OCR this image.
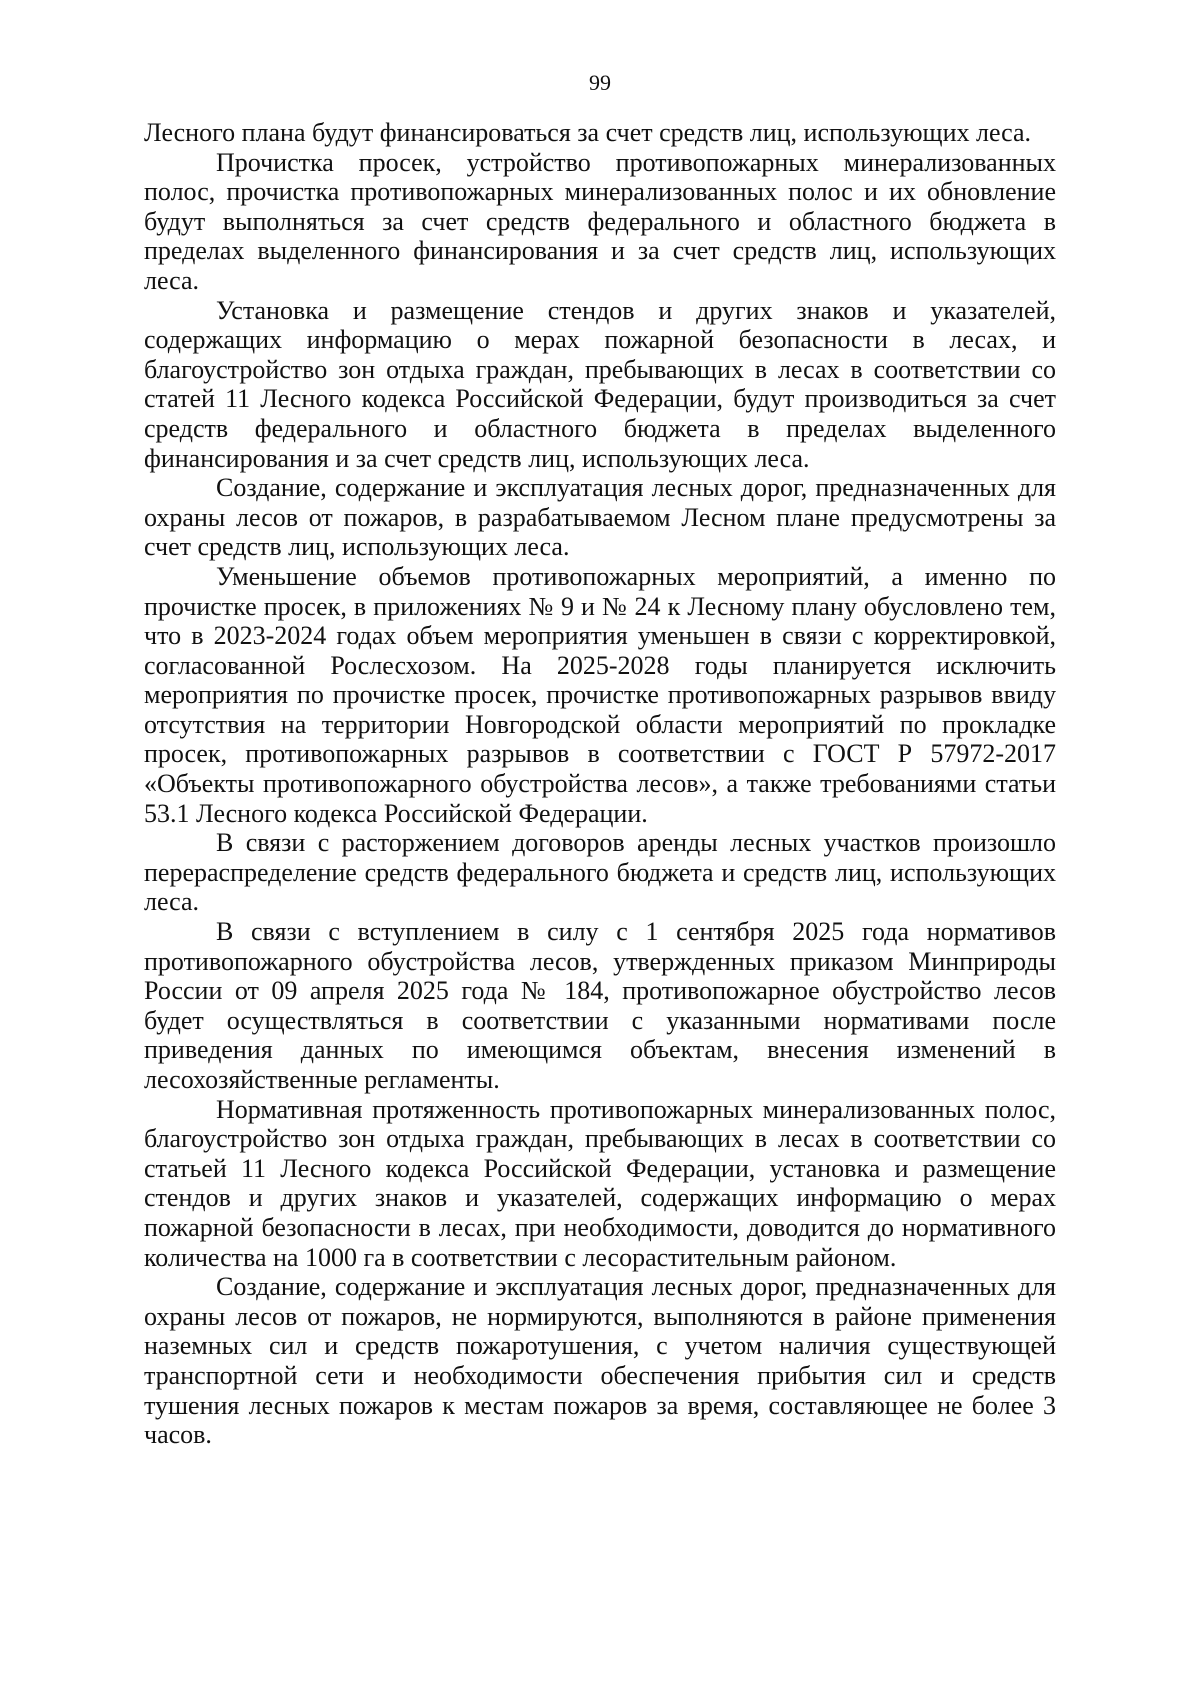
99

Лесного плана будут финансироваться за счет средств лиц, использующих леса.

Прочистка просек, устройство противопожарных минерализованных полос, прочистка противопожарных минерализованных полос и их обновление будут выполняться за счет средств федерального и областного бюджета в пределах выделенного финансирования и за счет средств лиц, использующих леса.

Установка и размещение стендов и других знаков и указателей, содержащих информацию о мерах пожарной безопасности в лесах, и благоустройство зон отдыха граждан, пребывающих в лесах в соответствии со статей 11 Лесного кодекса Российской Федерации, будут производиться за счет средств федерального и областного бюджета в пределах выделенного финансирования и за счет средств лиц, использующих леса.

Создание, содержание и эксплуатация лесных дорог, предназначенных для охраны лесов от пожаров, в разрабатываемом Лесном плане предусмотрены за счет средств лиц, использующих леса.

Уменьшение объемов противопожарных мероприятий, а именно по прочистке просек, в приложениях № 9 и № 24 к Лесному плану обусловлено тем, что в 2023-2024 годах объем мероприятия уменьшен в связи с корректировкой, согласованной Рослесхозом. На 2025-2028 годы планируется исключить мероприятия по прочистке просек, прочистке противопожарных разрывов ввиду отсутствия на территории Новгородской области мероприятий по прокладке просек, противопожарных разрывов в соответствии с ГОСТ Р 57972-2017 «Объекты противопожарного обустройства лесов», а также требованиями статьи 53.1 Лесного кодекса Российской Федерации.

В связи с расторжением договоров аренды лесных участков произошло перераспределение средств федерального бюджета и средств лиц, использующих леса.

В связи с вступлением в силу с 1 сентября 2025 года нормативов противопожарного обустройства лесов, утвержденных приказом Минприроды России от 09 апреля 2025 года № 184, противопожарное обустройство лесов будет осуществляться в соответствии с указанными нормативами после приведения данных по имеющимся объектам, внесения изменений в лесохозяйственные регламенты.

Нормативная протяженность противопожарных минерализованных полос, благоустройство зон отдыха граждан, пребывающих в лесах в соответствии со статьей 11 Лесного кодекса Российской Федерации, установка и размещение стендов и других знаков и указателей, содержащих информацию о мерах пожарной безопасности в лесах, при необходимости, доводится до нормативного количества на 1000 га в соответствии с лесорастительным районом.

Создание, содержание и эксплуатация лесных дорог, предназначенных для охраны лесов от пожаров, не нормируются, выполняются в районе применения наземных сил и средств пожаротушения, с учетом наличия существующей транспортной сети и необходимости обеспечения прибытия сил и средств тушения лесных пожаров к местам пожаров за время, составляющее не более 3 часов.
